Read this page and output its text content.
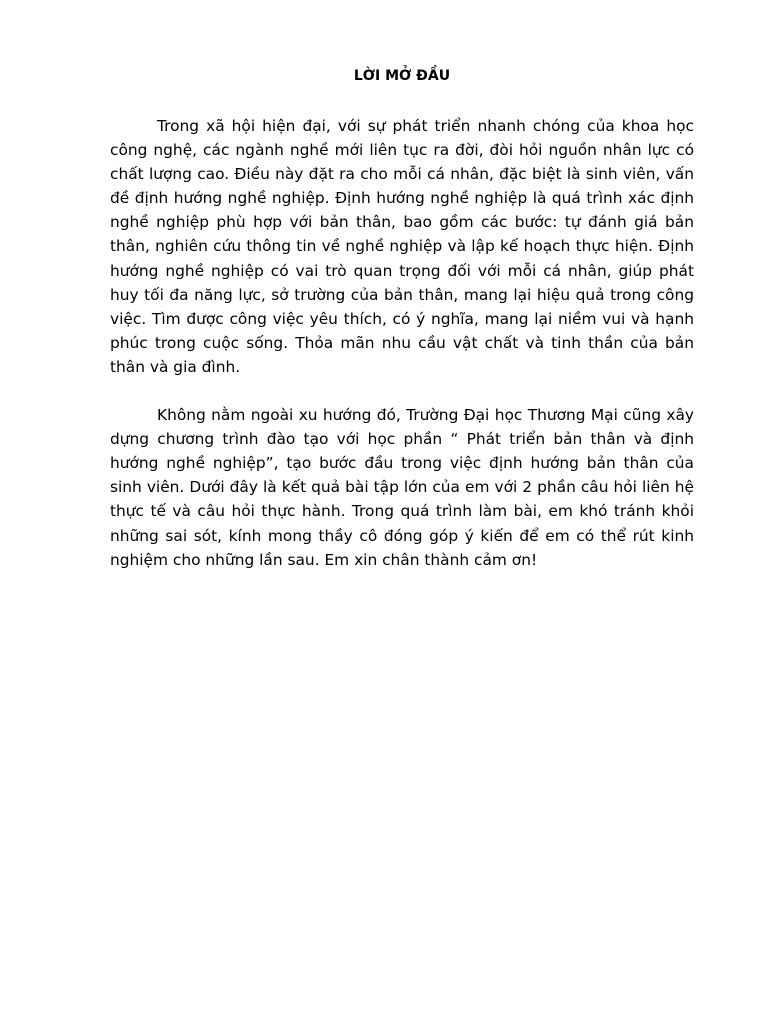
LỜI MỞ ĐẦU

Trong xã hội hiện đại, với sự phát triển nhanh chóng của khoa học công nghệ, các ngành nghề mới liên tục ra đời, đòi hỏi nguồn nhân lực có chất lượng cao. Điều này đặt ra cho mỗi cá nhân, đặc biệt là sinh viên, vấn đề định hướng nghề nghiệp. Định hướng nghề nghiệp là quá trình xác định nghề nghiệp phù hợp với bản thân, bao gồm các bước: tự đánh giá bản thân, nghiên cứu thông tin về nghề nghiệp và lập kế hoạch thực hiện. Định hướng nghề nghiệp có vai trò quan trọng đối với mỗi cá nhân, giúp phát huy tối đa năng lực, sở trường của bản thân, mang lại hiệu quả trong công việc. Tìm được công việc yêu thích, có ý nghĩa, mang lại niềm vui và hạnh phúc trong cuộc sống. Thỏa mãn nhu cầu vật chất và tinh thần của bản thân và gia đình.

Không nằm ngoài xu hướng đó, Trường Đại học Thương Mại cũng xây dựng chương trình đào tạo với học phần “ Phát triển bản thân và định hướng nghề nghiệp”, tạo bước đầu trong việc định hướng bản thân của sinh viên. Dưới đây là kết quả bài tập lớn của em với 2 phần câu hỏi liên hệ thực tế và câu hỏi thực hành. Trong quá trình làm bài, em khó tránh khỏi những sai sót, kính mong thầy cô đóng góp ý kiến để em có thể rút kinh nghiệm cho những lần sau. Em xin chân thành cảm ơn!
